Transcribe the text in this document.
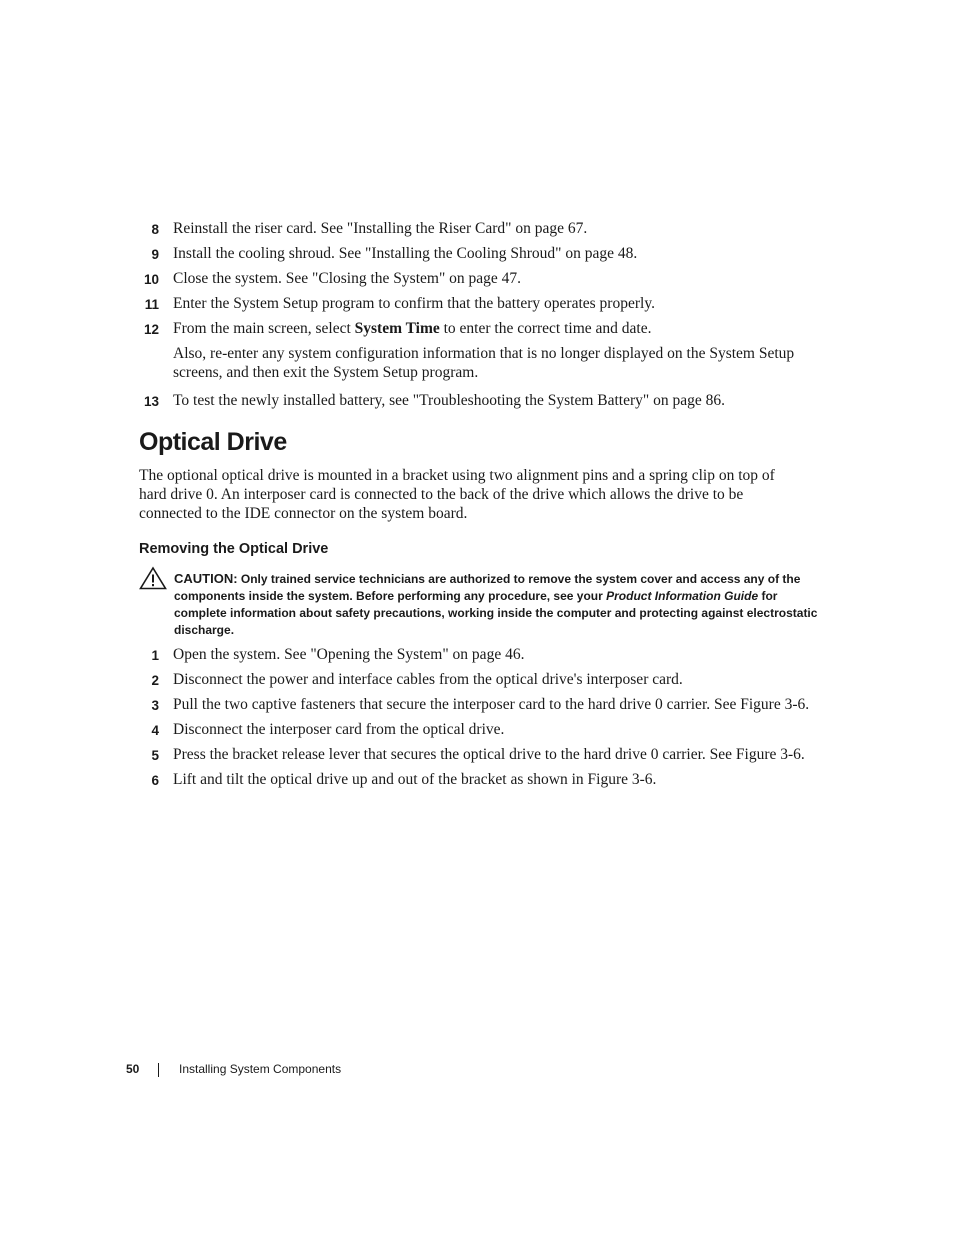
8 Reinstall the riser card. See "Installing the Riser Card" on page 67.
9 Install the cooling shroud. See "Installing the Cooling Shroud" on page 48.
10 Close the system. See "Closing the System" on page 47.
11 Enter the System Setup program to confirm that the battery operates properly.
12 From the main screen, select System Time to enter the correct time and date.
Also, re-enter any system configuration information that is no longer displayed on the System Setup
screens, and then exit the System Setup program.
13 To test the newly installed battery, see "Troubleshooting the System Battery" on page 86.
Optical Drive
The optional optical drive is mounted in a bracket using two alignment pins and a spring clip on top of
hard drive 0. An interposer card is connected to the back of the drive which allows the drive to be
connected to the IDE connector on the system board.
Removing the Optical Drive
CAUTION: Only trained service technicians are authorized to remove the system cover and access any of the
components inside the system. Before performing any procedure, see your Product Information Guide for
complete information about safety precautions, working inside the computer and protecting against electrostatic
discharge.
1 Open the system. See "Opening the System" on page 46.
2 Disconnect the power and interface cables from the optical drive's interposer card.
3 Pull the two captive fasteners that secure the interposer card to the hard drive 0 carrier. See Figure 3-6.
4 Disconnect the interposer card from the optical drive.
5 Press the bracket release lever that secures the optical drive to the hard drive 0 carrier. See Figure 3-6.
6 Lift and tilt the optical drive up and out of the bracket as shown in Figure 3-6.
50	Installing System Components
